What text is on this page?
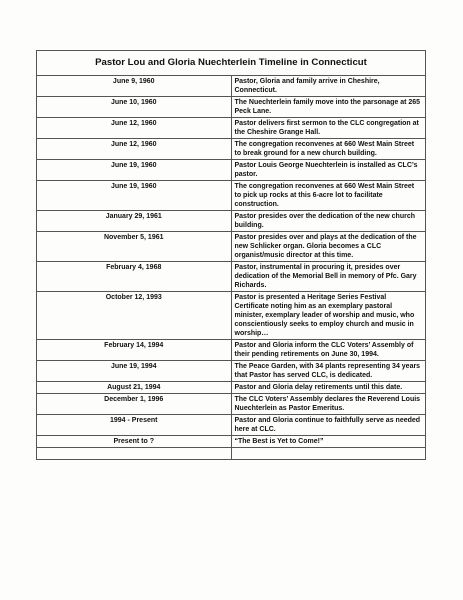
Pastor Lou and Gloria Nuechterlein Timeline in Connecticut	
June 9, 1960	Pastor, Gloria and family arrive in Cheshire, Connecticut.
June 10, 1960	The Nuechterlein family move into the parsonage at 265 Peck Lane.
June 12, 1960	Pastor delivers first sermon to the CLC congregation at the Cheshire Grange Hall.
June 12, 1960	The congregation reconvenes at 660 West Main Street to break ground for a new church building.
June 19, 1960	Pastor Louis George Nuechterlein is installed as CLC’s pastor.
June 19, 1960	The congregation reconvenes at 660 West Main Street to pick up rocks at this 6-acre lot to facilitate construction.
January 29, 1961	Pastor presides over the dedication of the new church building.
November 5, 1961	Pastor presides over and plays at the dedication of the new Schlicker organ. Gloria becomes a CLC organist/music director at this time.
February 4, 1968	Pastor, instrumental in procuring it, presides over dedication of the Memorial Bell in memory of Pfc. Gary Richards.
October 12, 1993	Pastor is presented a Heritage Series Festival Certificate noting him as an exemplary pastoral minister, exemplary leader of worship and music, who conscientiously seeks to employ church and music in worship…
February 14, 1994	Pastor and Gloria inform the CLC Voters’ Assembly of their pending retirements on June 30, 1994.
June 19, 1994	The Peace Garden, with 34 plants representing 34 years that Pastor has served CLC, is dedicated.
August 21, 1994	Pastor and Gloria delay retirements until this date.
December 1, 1996	The CLC Voters’ Assembly declares the Reverend Louis Nuechterlein as Pastor Emeritus.
1994 - Present	Pastor and Gloria continue to faithfully serve as needed here at CLC.
Present to ?	“The Best is Yet to Come!”
